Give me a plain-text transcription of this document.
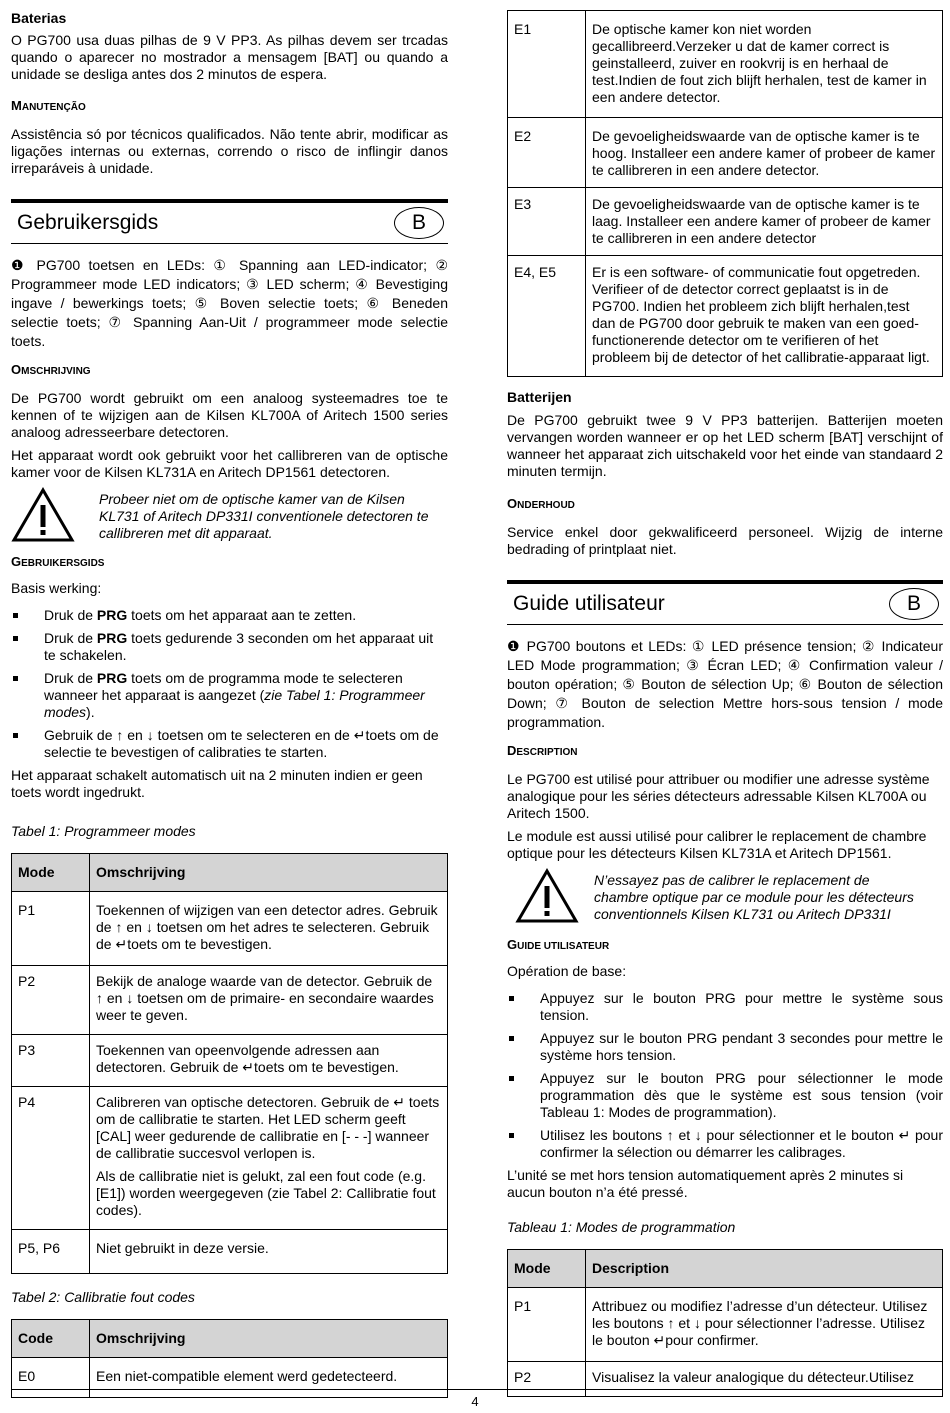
Baterias

O PG700 usa duas pilhas de 9 V PP3. As pilhas devem ser trcadas quando o aparecer no mostrador a mensagem [BAT] ou quando a unidade se desliga antes dos 2 minutos de espera.

MANUTENÇÃO

Assistência só por técnicos qualificados. Não tente abrir, modificar as ligações internas ou externas, correndo o risco de inflingir danos irreparáveis à unidade.

Gebruikersgids	B

❶ PG700 toetsen en LEDs: ① Spanning aan LED-indicator; ② Programmeer mode LED indicators; ③ LED scherm; ④ Bevestiging ingave / bewerkings toets; ⑤ Boven selectie toets; ⑥ Beneden selectie toets; ⑦ Spanning Aan-Uit / programmeer mode selectie toets.

OMSCHRIJVING

De PG700 wordt gebruikt om een analoog systeemadres toe te kennen of te wijzigen aan de Kilsen KL700A of Aritech 1500 series analoog adresseerbare detectoren.

Het apparaat wordt ook gebruikt voor het callibreren van de optische kamer voor de Kilsen KL731A en Aritech DP1561 detectoren.

Probeer niet om de optische kamer van de Kilsen KL731 of Aritech DP331I conventionele detectoren te callibreren met dit apparaat.

GEBRUIKERSGIDS

Basis werking:

Druk de PRG toets om het apparaat aan te zetten.
Druk de PRG toets gedurende 3 seconden om het apparaat uit te schakelen.
Druk de PRG toets om de programma mode te selecteren wanneer het apparaat is aangezet (zie Tabel 1: Programmeer modes).
Gebruik de ↑ en ↓ toetsen om te selecteren en de ↵toets om de selectie te bevestigen of calibraties te starten.

Het apparaat schakelt automatisch uit na 2 minuten indien er geen toets wordt ingedrukt.

Tabel 1: Programmeer modes

Mode	Omschrijving
P1	Toekennen of wijzigen van een detector adres. Gebruik de ↑ en ↓ toetsen om het adres te selecteren. Gebruik de ↵toets om te bevestigen.
P2	Bekijk de analoge waarde van de detector. Gebruik de ↑ en ↓ toetsen om de primaire- en secondaire waardes weer te geven.
P3	Toekennen van opeenvolgende adressen aan detectoren. Gebruik de ↵toets om te bevestigen.
P4	Calibreren van optische detectoren. Gebruik de ↵ toets om de callibratie te starten. Het LED scherm geeft [CAL] weer gedurende de callibratie en [- - -] wanneer de callibratie succesvol verlopen is.

Als de callibratie niet is gelukt, zal een fout code (e.g. [E1]) worden weergegeven (zie Tabel 2: Callibratie fout codes).

P5, P6	Niet gebruikt in deze versie.

Tabel 2: Callibratie fout codes

Code	Omschrijving
E0	Een niet-compatible element werd gedetecteerd.
E1	De optische kamer kon niet worden gecallibreerd.Verzeker u dat de kamer correct is geinstalleerd, zuiver en rookvrij is en herhaal de test.Indien de fout zich blijft herhalen, test de kamer in een andere detector.
E2	De gevoeligheidswaarde van de optische kamer is te hoog. Installeer een andere kamer of probeer de kamer te callibreren in een andere detector.
E3	De gevoeligheidswaarde van de optische kamer is te laag. Installeer een andere kamer of probeer de kamer te callibreren in een andere detector
E4, E5	Er is een software- of communicatie fout opgetreden. Verifieer of de detector correct geplaatst is in de PG700. Indien het probleem zich blijft herhalen,test dan de PG700 door gebruik te maken van een goed-functionerende detector om te verifieren of het probleem bij de detector of het callibratie-apparaat ligt.

Batterijen

De PG700 gebruikt twee 9 V PP3 batterijen. Batterijen moeten vervangen worden wanneer er op het LED scherm [BAT] verschijnt of wanneer het apparaat zich uitschakeld voor het einde van standaard 2 minuten termijn.

ONDERHOUD

Service enkel door gekwalificeerd personeel. Wijzig de interne bedrading of printplaat niet.

Guide utilisateur	B

❶ PG700 boutons et LEDs: ① LED présence tension; ② Indicateur LED Mode programmation; ③ Écran LED; ④ Confirmation valeur / bouton opération; ⑤ Bouton de sélection Up; ⑥ Bouton de sélection Down; ⑦ Bouton de selection Mettre hors-sous tension / mode programmation.

DESCRIPTION

Le PG700 est utilisé pour attribuer ou modifier une adresse système analogique pour les séries détecteurs adressable Kilsen KL700A ou Aritech 1500.

Le module est aussi utilisé pour calibrer le replacement de chambre optique pour les détecteurs Kilsen KL731A et Aritech DP1561.

N’essayez pas de calibrer le replacement de chambre optique par ce module pour les détecteurs conventionnels Kilsen KL731 ou Aritech DP331I

GUIDE UTILISATEUR

Opération de base:

Appuyez sur le bouton PRG pour mettre le système sous tension.
Appuyez sur le bouton PRG pendant 3 secondes pour mettre le système hors tension.
Appuyez sur le bouton PRG pour sélectionner le mode programmation dès que le système est sous tension (voir Tableau 1: Modes de programmation).
Utilisez les boutons ↑ et ↓ pour sélectionner et le bouton ↵ pour confirmer la sélection ou démarrer les calibrages.

L’unité se met hors tension automatiquement après 2 minutes si aucun bouton n’a été pressé.

Tableau 1: Modes de programmation

Mode	Description
P1	Attribuez ou modifiez l’adresse d’un détecteur. Utilisez les boutons ↑ et ↓ pour sélectionner l’adresse. Utilisez le bouton ↵pour confirmer.
P2	Visualisez la valeur analogique du détecteur.Utilisez
4
